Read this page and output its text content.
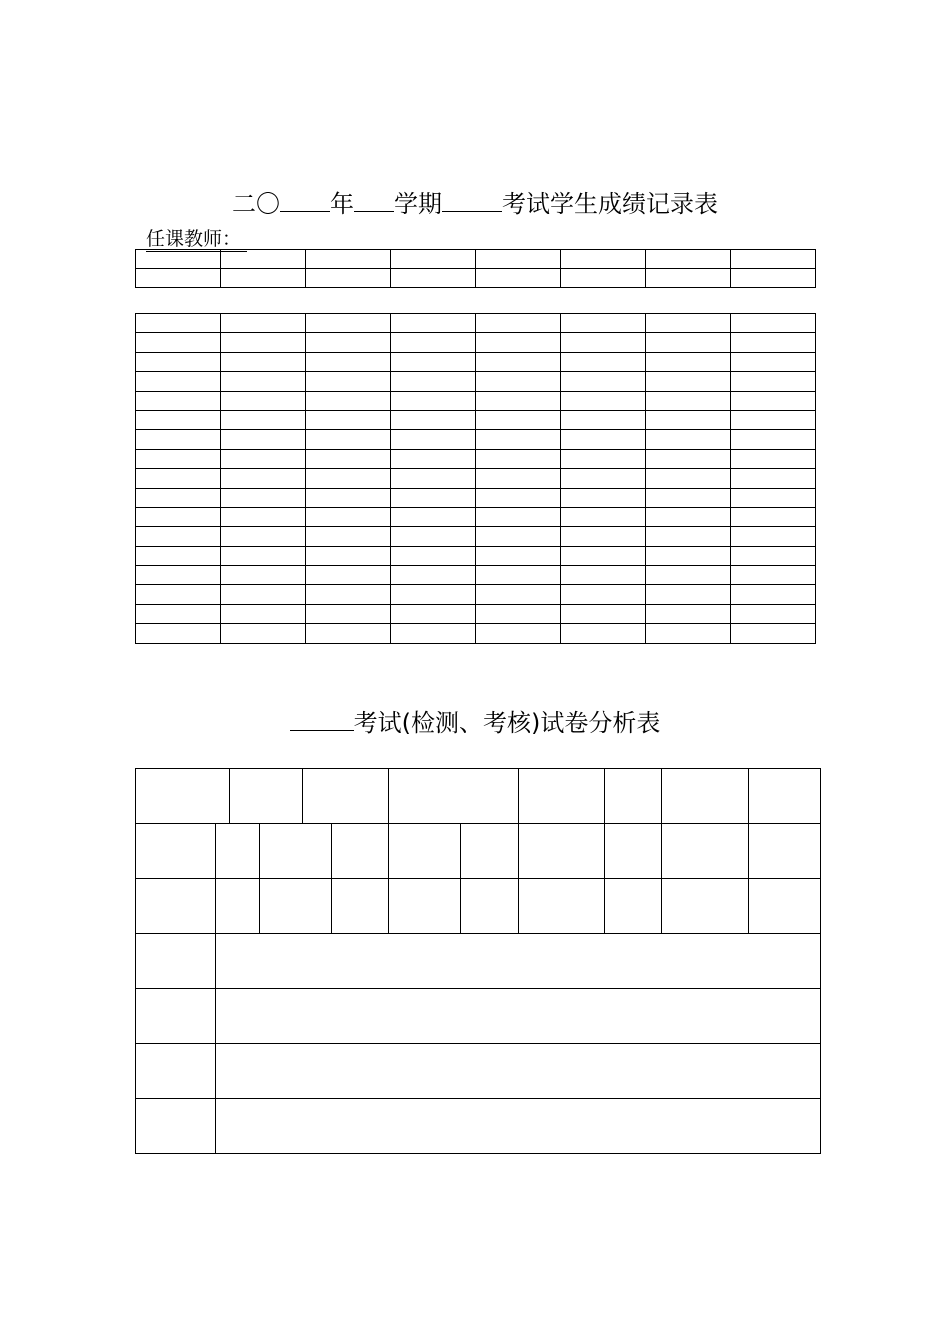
二〇 年 学期	考试学生成绩记录表
任课教师：

考试(检测、考核)试卷分析表
